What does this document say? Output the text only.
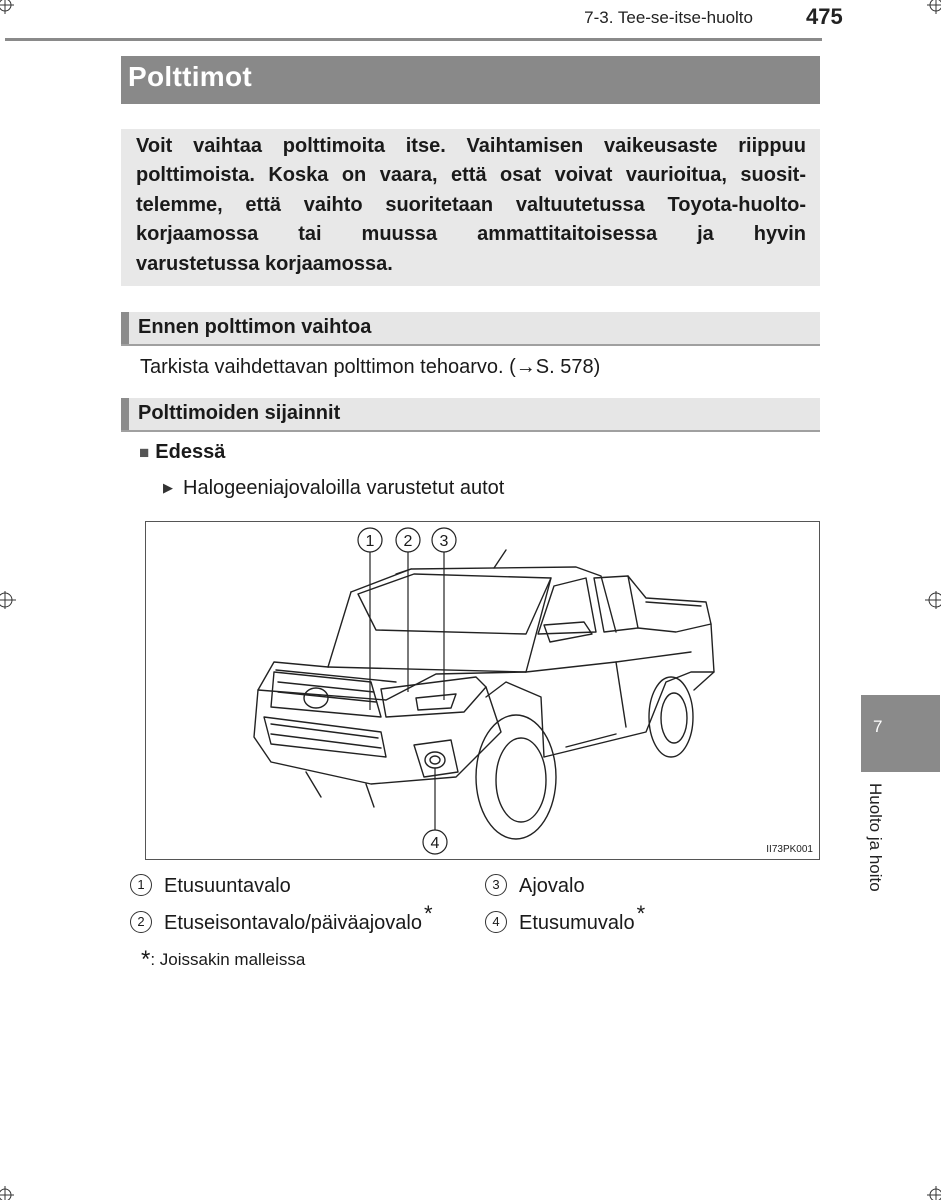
7-3. Tee-se-itse-huolto 475
Polttimot

Voit vaihtaa polttimoita itse. Vaihtamisen vaikeusaste riippuu
polttimoista. Koska on vaara, että osat voivat vaurioitua, suosit-
telemme, että vaihto suoritetaan valtuutetussa Toyota-huolto-
korjaamossa tai muussa ammattitaitoisessa ja hyvin
varustetussa korjaamossa.

Ennen polttimon vaihtoa
Tarkista vaihdettavan polttimon tehoarvo. (→S. 578)
Polttimoiden sijainnit
■ Edessä
▶ Halogeeniajovaloilla varustetut autot
1 2 3
4	II73PK001
1 Etusuuntavalo	3 Ajovalo
2 Etuseisontavalo/päiväajovalo*	4 Etusumuvalo*
*: Joissakin malleissa
7
Huolto ja hoito
